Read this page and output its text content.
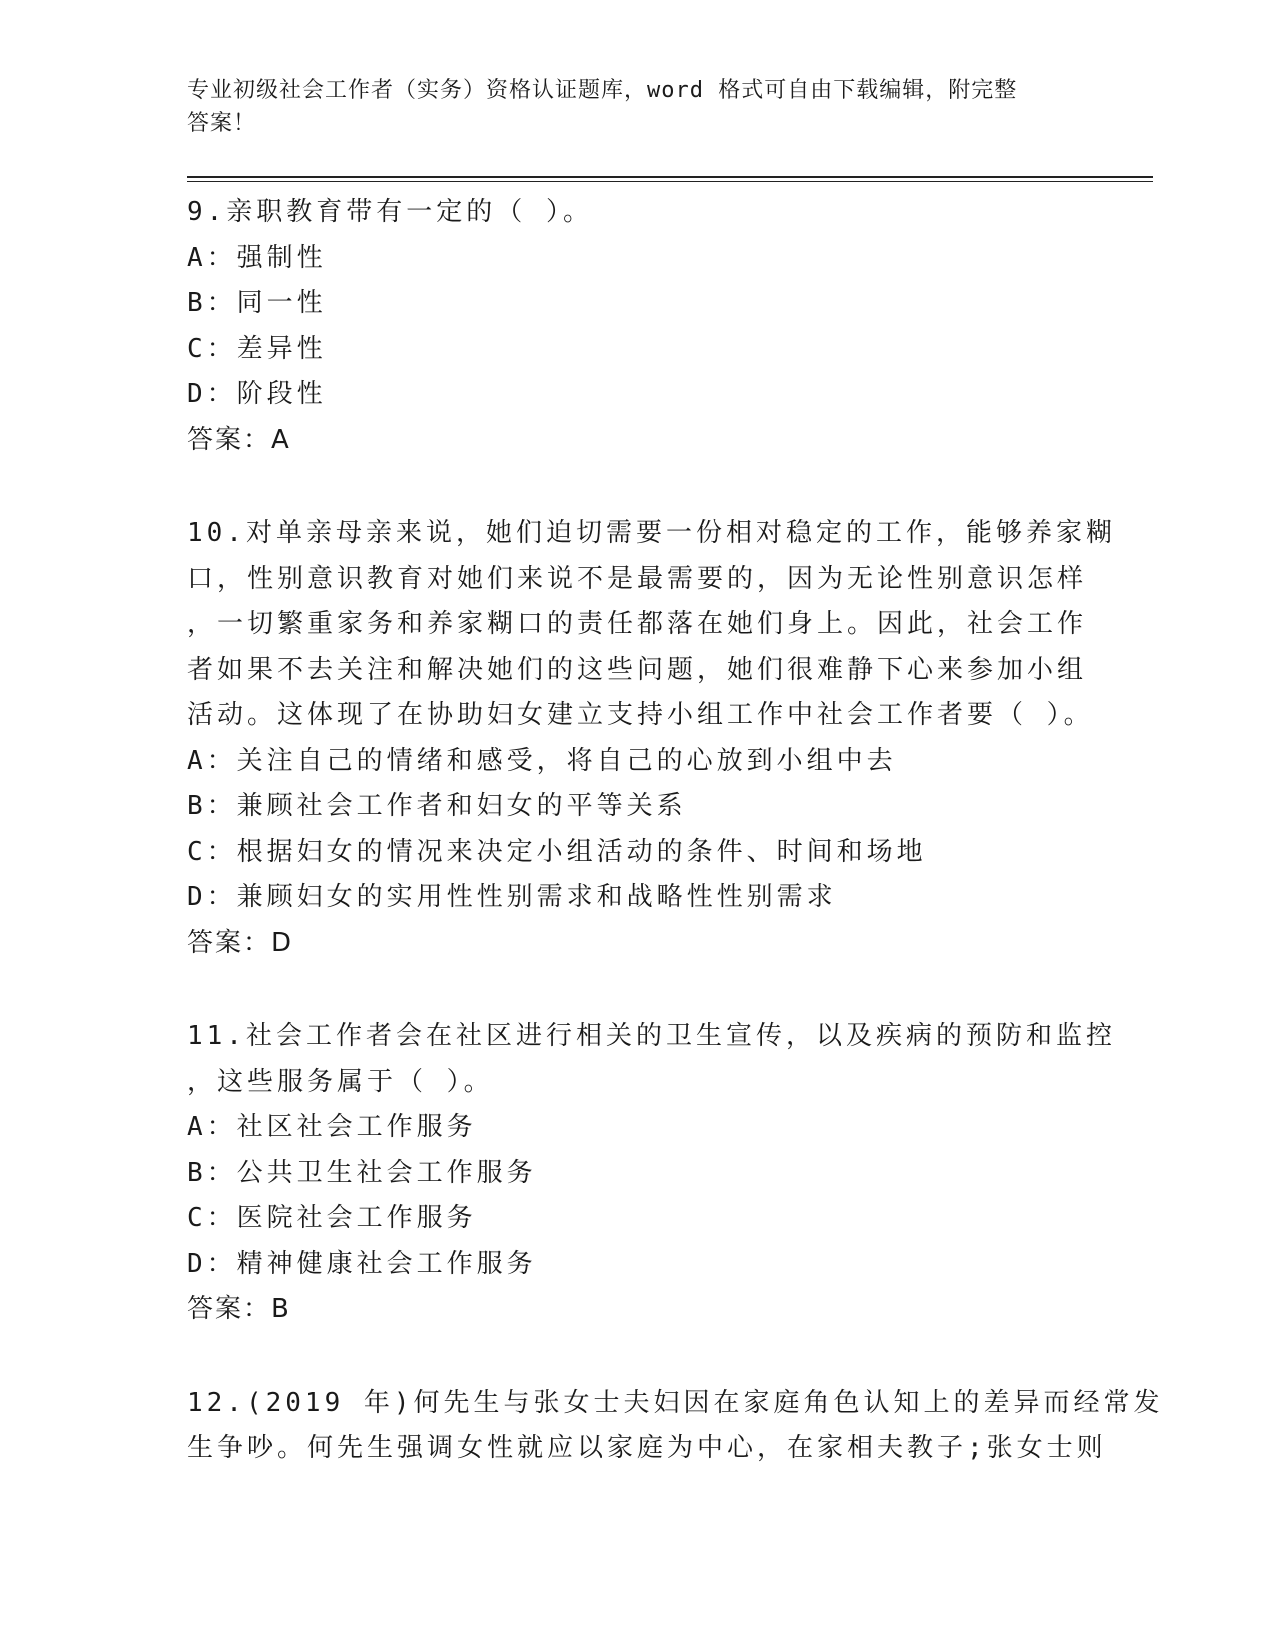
专业初级社会工作者（实务）资格认证题库，word 格式可自由下载编辑，附完整
答案！
9.亲职教育带有一定的（ ）。
A：强制性
B：同一性
C：差异性
D：阶段性
答案：A
10.对单亲母亲来说，她们迫切需要一份相对稳定的工作，能够养家糊
口，性别意识教育对她们来说不是最需要的，因为无论性别意识怎样
，一切繁重家务和养家糊口的责任都落在她们身上。因此，社会工作
者如果不去关注和解决她们的这些问题，她们很难静下心来参加小组
活动。这体现了在协助妇女建立支持小组工作中社会工作者要（ ）。
A：关注自己的情绪和感受，将自己的心放到小组中去
B：兼顾社会工作者和妇女的平等关系
C：根据妇女的情况来决定小组活动的条件、时间和场地
D：兼顾妇女的实用性性别需求和战略性性别需求
答案：D
11.社会工作者会在社区进行相关的卫生宣传，以及疾病的预防和监控
，这些服务属于（ ）。
A：社区社会工作服务
B：公共卫生社会工作服务
C：医院社会工作服务
D：精神健康社会工作服务
答案：B
12.(2019 年)何先生与张女士夫妇因在家庭角色认知上的差异而经常发
生争吵。何先生强调女性就应以家庭为中心，在家相夫教子;张女士则
